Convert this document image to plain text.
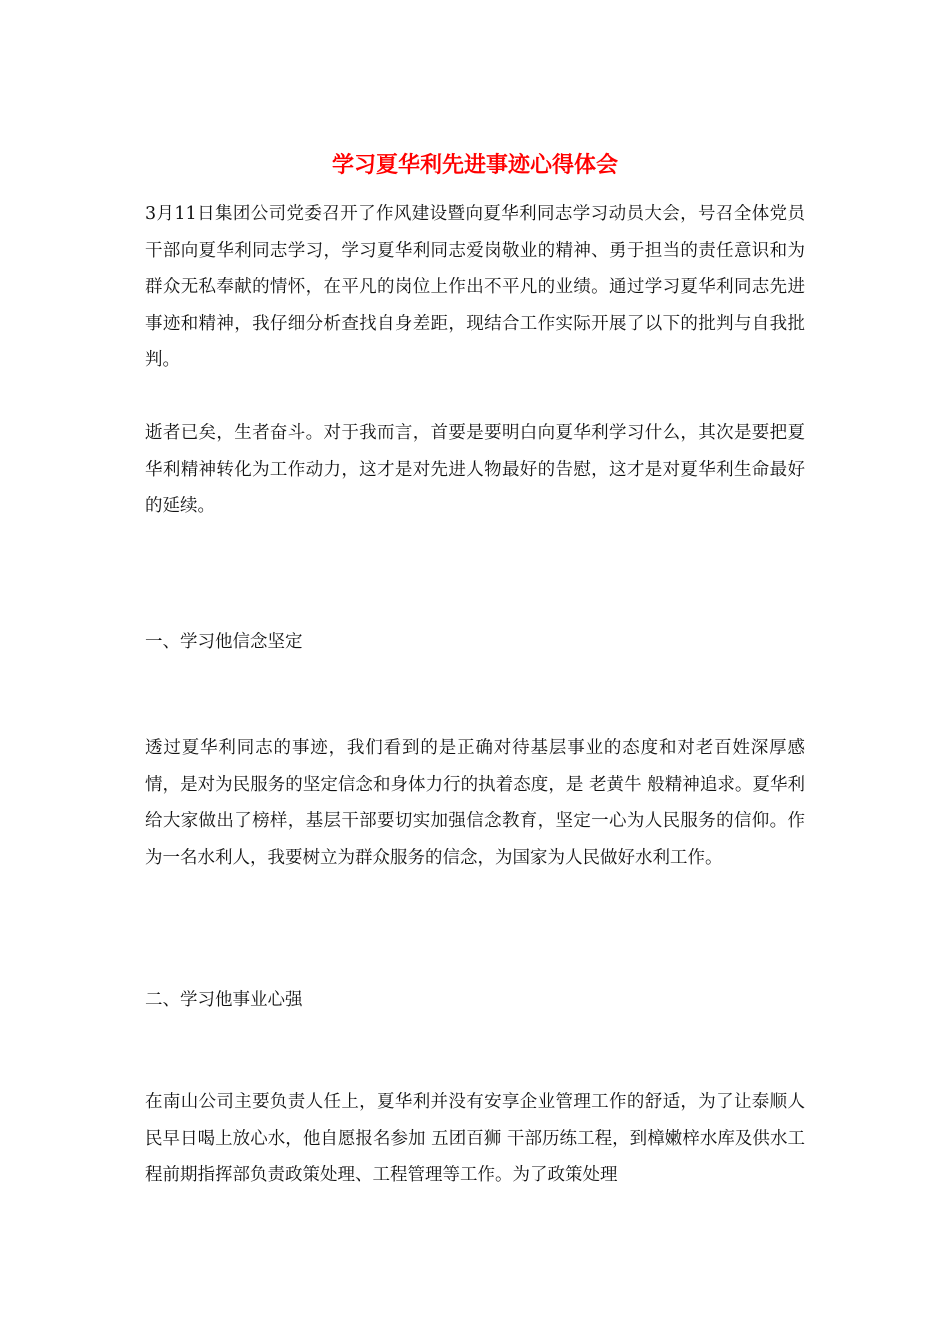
学习夏华利先进事迹心得体会

3月11日集团公司党委召开了作风建设暨向夏华利同志学习动员大会，号召全体党员干部向夏华利同志学习，学习夏华利同志爱岗敬业的精神、勇于担当的责任意识和为群众无私奉献的情怀，在平凡的岗位上作出不平凡的业绩。通过学习夏华利同志先进事迹和精神，我仔细分析查找自身差距，现结合工作实际开展了以下的批判与自我批判。

逝者已矣，生者奋斗。对于我而言，首要是要明白向夏华利学习什么，其次是要把夏华利精神转化为工作动力，这才是对先进人物最好的告慰，这才是对夏华利生命最好的延续。

一、学习他信念坚定

透过夏华利同志的事迹，我们看到的是正确对待基层事业的态度和对老百姓深厚感情，是对为民服务的坚定信念和身体力行的执着态度，是 老黄牛 般精神追求。夏华利给大家做出了榜样，基层干部要切实加强信念教育，坚定一心为人民服务的信仰。作为一名水利人，我要树立为群众服务的信念，为国家为人民做好水利工作。

二、学习他事业心强

在南山公司主要负责人任上，夏华利并没有安享企业管理工作的舒适，为了让泰顺人民早日喝上放心水，他自愿报名参加 五团百狮 干部历练工程，到樟嫩梓水库及供水工程前期指挥部负责政策处理、工程管理等工作。为了政策处理
